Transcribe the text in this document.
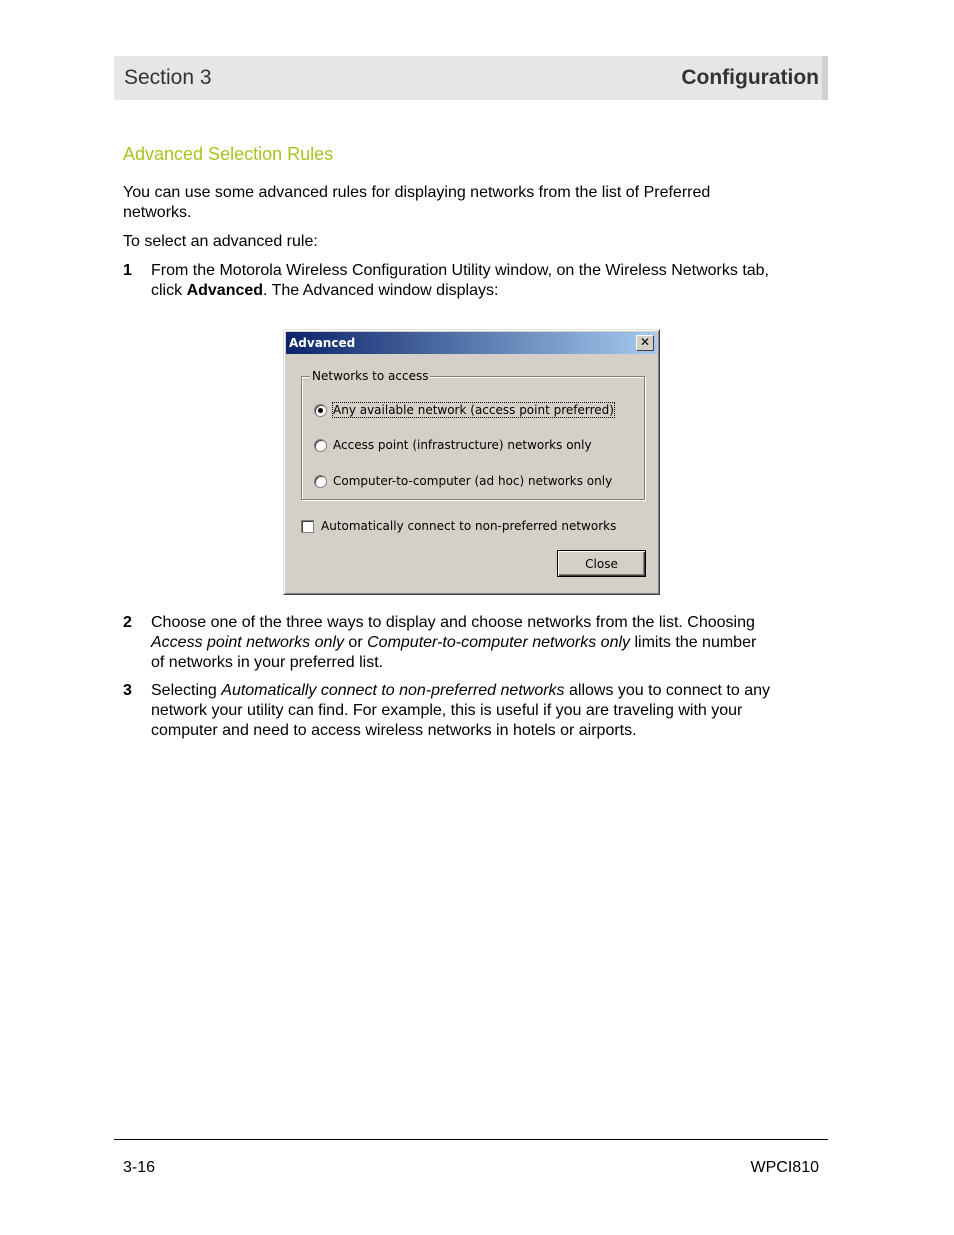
Section 3	Configuration
Advanced Selection Rules
You can use some advanced rules for displaying networks from the list of Preferred
networks.
To select an advanced rule:
1 From the Motorola Wireless Configuration Utility window, on the Wireless Networks tab,
click Advanced. The Advanced window displays:
Advanced	✕
Networks to access
Any available network (access point preferred)
Access point (infrastructure) networks only
Computer-to-computer (ad hoc) networks only
Automatically connect to non-preferred networks
Close
2 Choose one of the three ways to display and choose networks from the list. Choosing
Access point networks only or Computer-to-computer networks only limits the number
of networks in your preferred list.
3 Selecting Automatically connect to non-preferred networks allows you to connect to any
network your utility can find. For example, this is useful if you are traveling with your
computer and need to access wireless networks in hotels or airports.
3-16	WPCI810
